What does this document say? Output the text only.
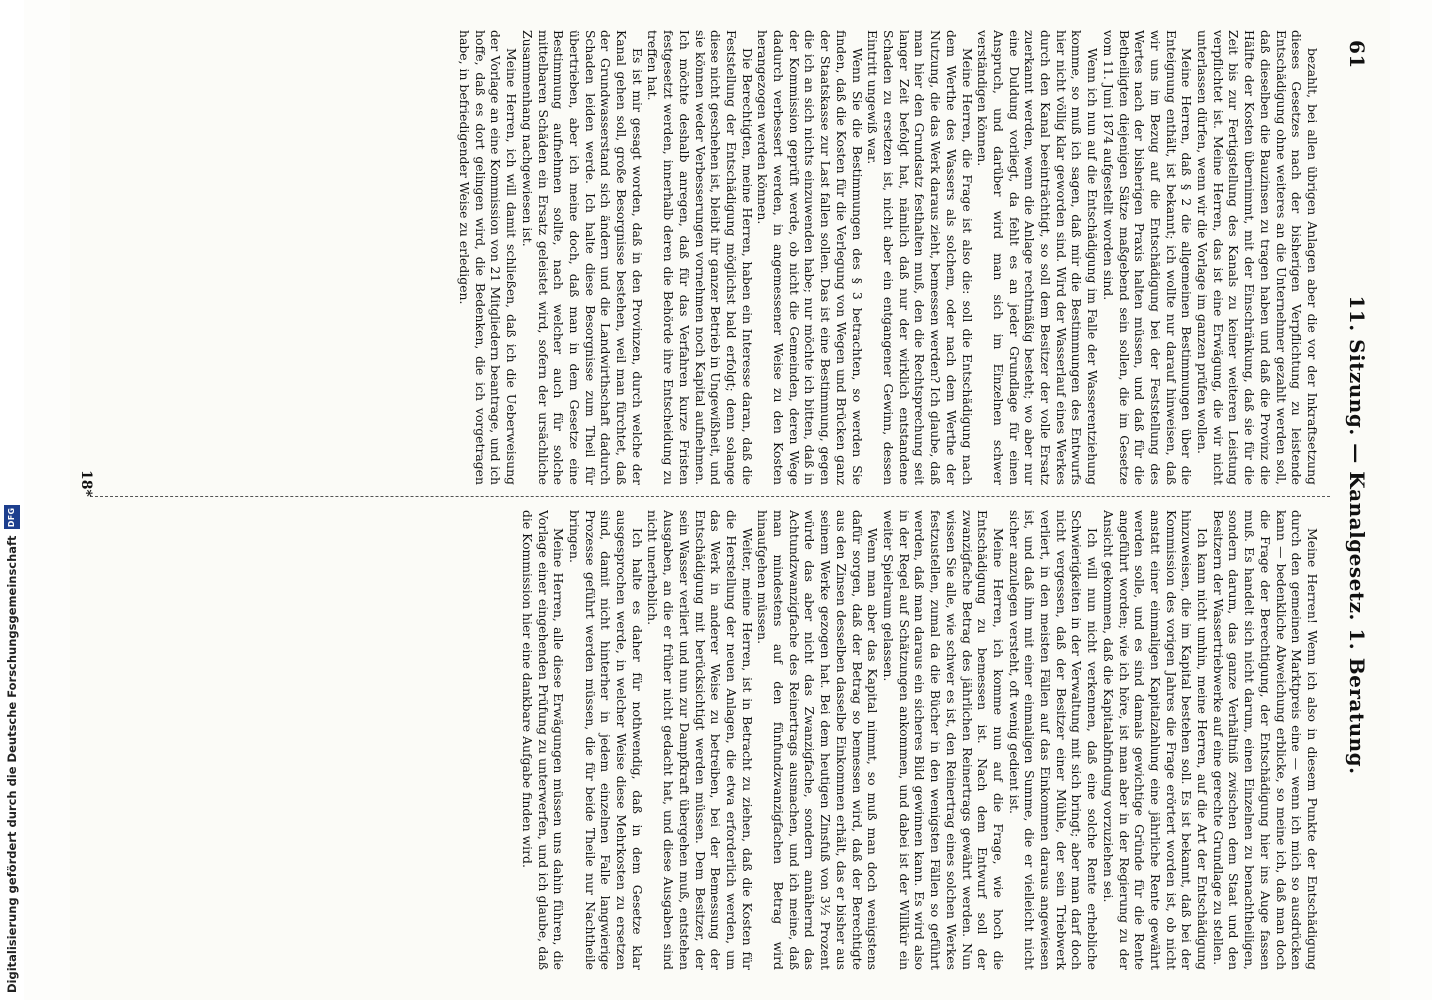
61
11. Sitzung. — Kanalgesetz. 1. Beratung.

bezahlt, bei allen übrigen Anlagen aber die vor der Inkraftsetzung dieses Gesetzes nach der bisherigen Verpflichtung zu leistende Entschädigung ohne weiteres an die Unternehmer gezahlt werden soll, daß dieselben die Bauzinsen zu tragen haben und daß die Provinz die Hälfte der Kosten übernimmt, mit der Einschränkung, daß sie für die Zeit bis zur Fertigstellung des Kanals zu keiner weiteren Leistung verpflichtet ist. Meine Herren, das ist eine Erwägung, die wir nicht unterlassen dürfen, wenn wir die Vorlage im ganzen prüfen wollen.

Meine Herren, daß § 2 die allgemeinen Bestimmungen über die Enteignung enthält, ist bekannt; ich wollte nur darauf hinweisen, daß wir uns im Bezug auf die Entschädigung bei der Feststellung des Wertes nach der bisherigen Praxis halten müssen, und daß für die Betheiligten diejenigen Sätze maßgebend sein sollen, die im Gesetze vom 11. Juni 1874 aufgestellt worden sind.

Wenn ich nun auf die Entschädigung im Falle der Wasserentziehung komme, so muß ich sagen, daß mir die Bestimmungen des Entwurfs hier nicht völlig klar geworden sind. Wird der Wasserlauf eines Werkes durch den Kanal beeinträchtigt, so soll dem Besitzer der volle Ersatz zuerkannt werden, wenn die Anlage rechtmäßig besteht; wo aber nur eine Duldung vorliegt, da fehlt es an jeder Grundlage für einen Anspruch, und darüber wird man sich im Einzelnen schwer verständigen können.

Meine Herren, die Frage ist also die: soll die Entschädigung nach dem Werthe des Wassers als solchem, oder nach dem Werthe der Nutzung, die das Werk daraus zieht, bemessen werden? Ich glaube, daß man hier den Grundsatz festhalten muß, den die Rechtsprechung seit langer Zeit befolgt hat, nämlich daß nur der wirklich entstandene Schaden zu ersetzen ist, nicht aber ein entgangener Gewinn, dessen Eintritt ungewiß war.

Wenn Sie die Bestimmungen des § 3 betrachten, so werden Sie finden, daß die Kosten für die Verlegung von Wegen und Brücken ganz der Staatskasse zur Last fallen sollen. Das ist eine Bestimmung, gegen die ich an sich nichts einzuwenden habe; nur möchte ich bitten, daß in der Kommission geprüft werde, ob nicht die Gemeinden, deren Wege dadurch verbessert werden, in angemessener Weise zu den Kosten herangezogen werden können.

Die Berechtigten, meine Herren, haben ein Interesse daran, daß die Feststellung der Entschädigung möglichst bald erfolgt; denn solange diese nicht geschehen ist, bleibt ihr ganzer Betrieb in Ungewißheit, und sie können weder Verbesserungen vornehmen noch Kapital aufnehmen. Ich möchte deshalb anregen, daß für das Verfahren kurze Fristen festgesetzt werden, innerhalb deren die Behörde ihre Entscheidung zu treffen hat.

Es ist mir gesagt worden, daß in den Provinzen, durch welche der Kanal gehen soll, große Besorgnisse bestehen, weil man fürchtet, daß der Grundwasserstand sich ändern und die Landwirthschaft dadurch Schaden leiden werde. Ich halte diese Besorgnisse zum Theil für übertrieben, aber ich meine doch, daß man in dem Gesetze eine Bestimmung aufnehmen sollte, nach welcher auch für solche mittelbaren Schäden ein Ersatz geleistet wird, sofern der ursächliche Zusammenhang nachgewiesen ist.

Meine Herren, ich will damit schließen, daß ich die Ueberweisung der Vorlage an eine Kommission von 21 Mitgliedern beantrage, und ich hoffe, daß es dort gelingen wird, die Bedenken, die ich vorgetragen habe, in befriedigender Weise zu erledigen.

Meine Herren! Wenn ich also in diesem Punkte der Entschädigung durch den gemeinen Marktpreis eine — wenn ich mich so ausdrücken kann — bedenkliche Abweichung erblicke, so meine ich, daß man doch die Frage der Berechtigung, der Entschädigung hier ins Auge fassen muß. Es handelt sich nicht darum, einen Einzelnen zu benachtheiligen, sondern darum, das ganze Verhältniß zwischen dem Staat und den Besitzern der Wassertriebwerke auf eine gerechte Grundlage zu stellen.

Ich kann nicht umhin, meine Herren, auf die Art der Entschädigung hinzuweisen, die im Kapital bestehen soll. Es ist bekannt, daß bei der Kommission des vorigen Jahres die Frage erörtert worden ist, ob nicht anstatt einer einmaligen Kapitalzahlung eine jährliche Rente gewährt werden solle, und es sind damals gewichtige Gründe für die Rente angeführt worden; wie ich höre, ist man aber in der Regierung zu der Ansicht gekommen, daß die Kapitalabfindung vorzuziehen sei.

Ich will nun nicht verkennen, daß eine solche Rente erhebliche Schwierigkeiten in der Verwaltung mit sich bringt; aber man darf doch nicht vergessen, daß der Besitzer einer Mühle, der sein Triebwerk verliert, in den meisten Fällen auf das Einkommen daraus angewiesen ist, und daß ihm mit einer einmaligen Summe, die er vielleicht nicht sicher anzulegen versteht, oft wenig gedient ist.

Meine Herren, ich komme nun auf die Frage, wie hoch die Entschädigung zu bemessen ist. Nach dem Entwurf soll der zwanzigfache Betrag des jährlichen Reinertrags gewährt werden. Nun wissen Sie alle, wie schwer es ist, den Reinertrag eines solchen Werkes festzustellen, zumal da die Bücher in den wenigsten Fällen so geführt werden, daß man daraus ein sicheres Bild gewinnen kann. Es wird also in der Regel auf Schätzungen ankommen, und dabei ist der Willkür ein weiter Spielraum gelassen.

Wenn man aber das Kapital nimmt, so muß man doch wenigstens dafür sorgen, daß der Betrag so bemessen wird, daß der Berechtigte aus den Zinsen desselben dasselbe Einkommen erhält, das er bisher aus seinem Werke gezogen hat. Bei dem heutigen Zinsfuß von 3½ Prozent würde das aber nicht das Zwanzigfache, sondern annähernd das Achtundzwanzigfache des Reinertrags ausmachen, und ich meine, daß man mindestens auf den fünfundzwanzigfachen Betrag wird hinaufgehen müssen.

Weiter, meine Herren, ist in Betracht zu ziehen, daß die Kosten für die Herstellung der neuen Anlagen, die etwa erforderlich werden, um das Werk in anderer Weise zu betreiben, bei der Bemessung der Entschädigung mit berücksichtigt werden müssen. Dem Besitzer, der sein Wasser verliert und nun zur Dampfkraft übergehen muß, entstehen Ausgaben, an die er früher nicht gedacht hat, und diese Ausgaben sind nicht unerheblich.

Ich halte es daher für nothwendig, daß in dem Gesetze klar ausgesprochen werde, in welcher Weise diese Mehrkosten zu ersetzen sind, damit nicht hinterher in jedem einzelnen Falle langwierige Prozesse geführt werden müssen, die für beide Theile nur Nachtheile bringen.

Meine Herren, alle diese Erwägungen müssen uns dahin führen, die Vorlage einer eingehenden Prüfung zu unterwerfen, und ich glaube, daß die Kommission hier eine dankbare Aufgabe finden wird.

18*
Digitalisierung gefördert durch die Deutsche Forschungsgemeinschaft
DFG
